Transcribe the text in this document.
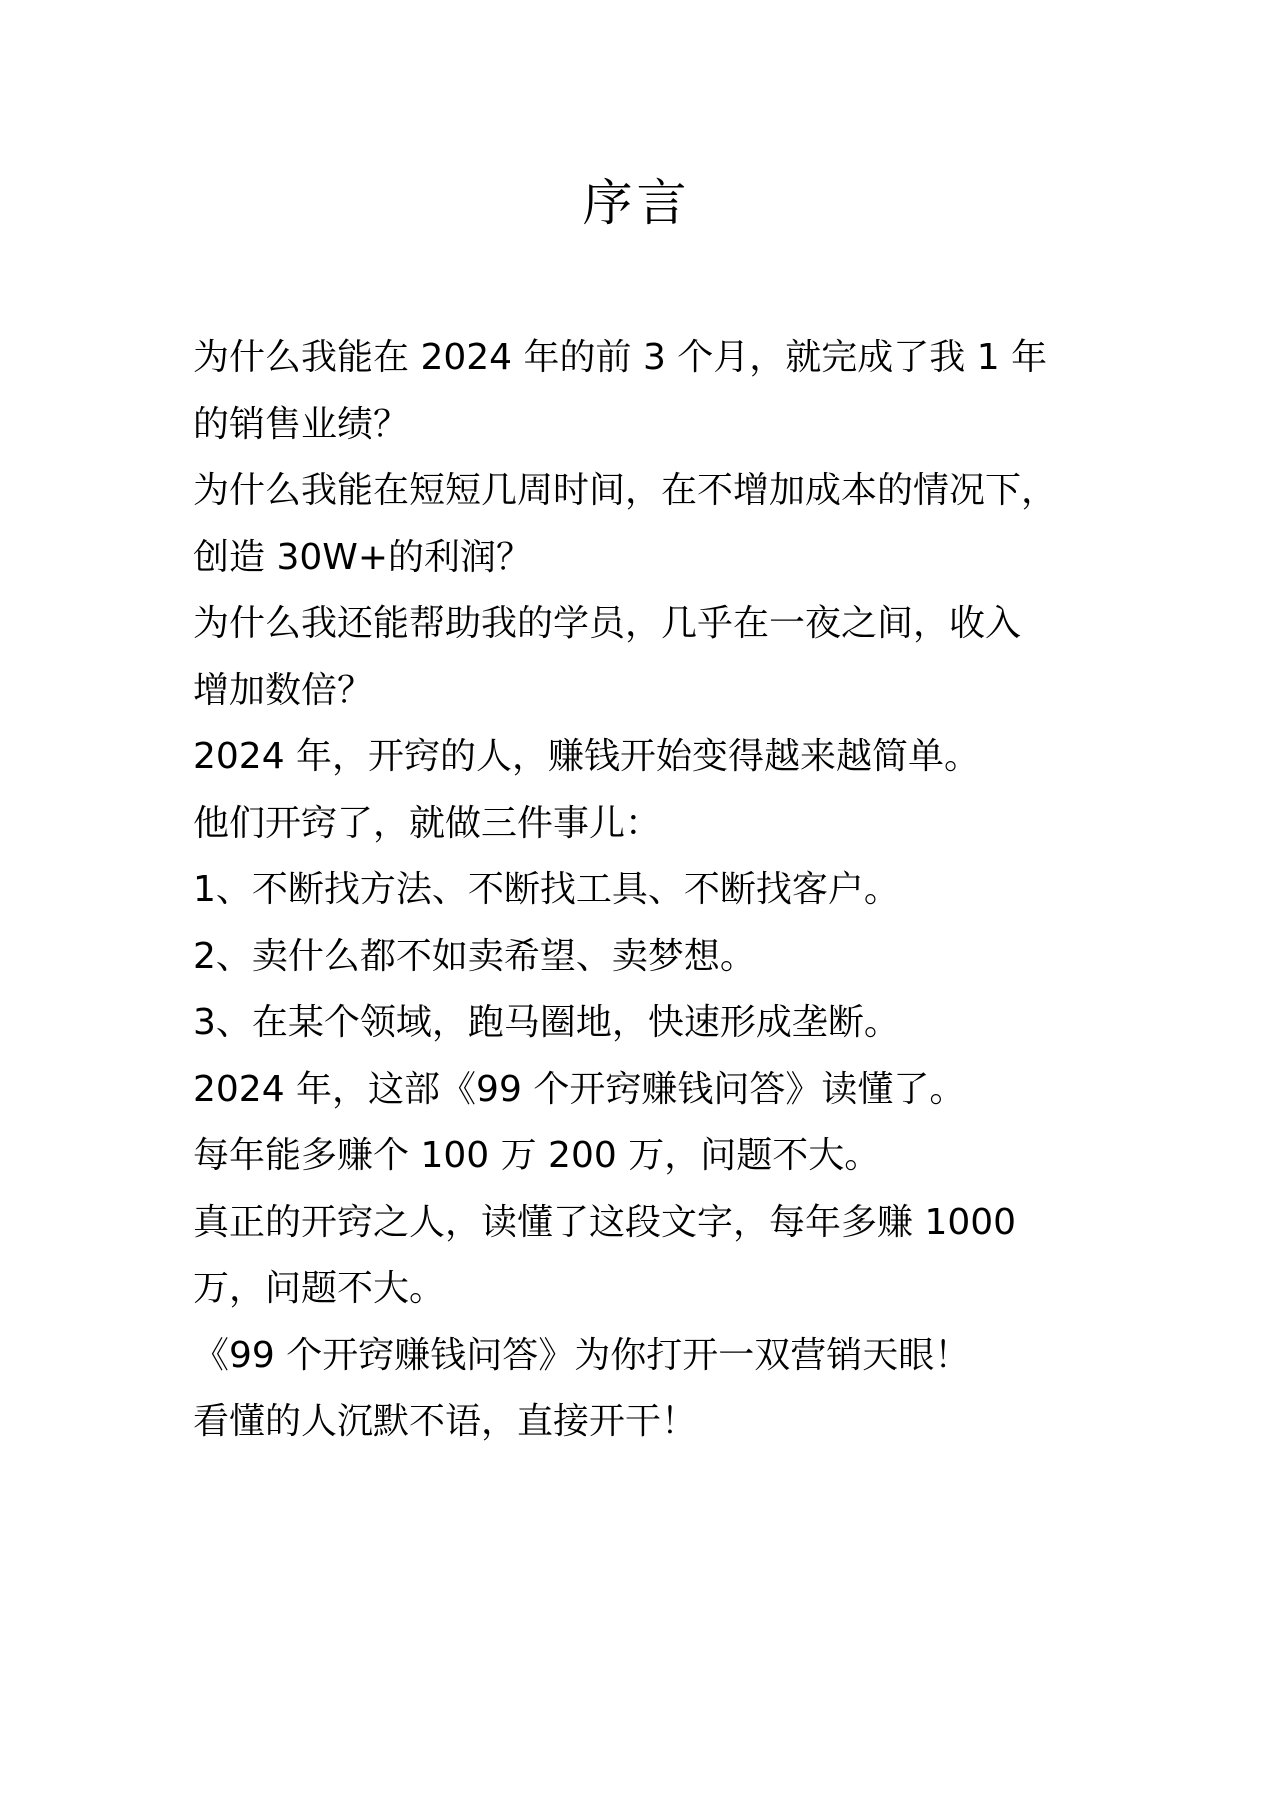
序言
为什么我能在 2024 年的前 3 个月，就完成了我 1 年
的销售业绩？
为什么我能在短短几周时间，在不增加成本的情况下，
创造 30W+的利润？
为什么我还能帮助我的学员，几乎在一夜之间，收入
增加数倍？
2024 年，开窍的人，赚钱开始变得越来越简单。
他们开窍了，就做三件事儿：
1、不断找方法、不断找工具、不断找客户。
2、卖什么都不如卖希望、卖梦想。
3、在某个领域，跑马圈地，快速形成垄断。
2024 年，这部《99 个开窍赚钱问答》读懂了。
每年能多赚个 100 万 200 万，问题不大。
真正的开窍之人，读懂了这段文字，每年多赚 1000
万，问题不大。
《99 个开窍赚钱问答》为你打开一双营销天眼！
看懂的人沉默不语，直接开干！
